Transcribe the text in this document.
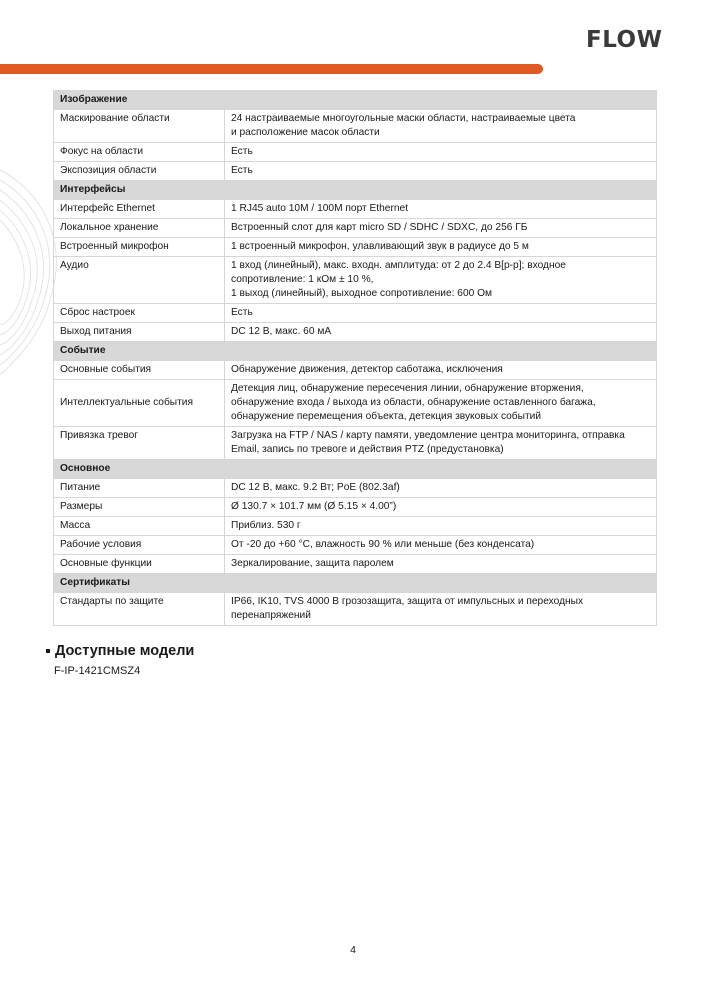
FLOW
Изображение	
Маскирование области	24 настраиваемые многоугольные маски области, настраиваемые цвета
и расположение масок области
Фокус на области	Есть
Экспозиция области	Есть
Интерфейсы	
Интерфейс Ethernet	1 RJ45 auto 10M / 100M порт Ethernet
Локальное хранение	Встроенный слот для карт micro SD / SDHC / SDXC, до 256 ГБ
Встроенный микрофон	1 встроенный микрофон, улавливающий звук в радиусе до 5 м
Аудио	1 вход (линейный), макс. входн. амплитуда: от 2 до 2.4 В[р-р]; входное
сопротивление: 1 кОм ± 10 %,
1 выход (линейный), выходное сопротивление: 600 Ом
Сброс настроек	Есть
Выход питания	DC 12 В, макс. 60 мА
Событие	
Основные события	Обнаружение движения, детектор саботажа, исключения
Интеллектуальные события	Детекция лиц, обнаружение пересечения линии, обнаружение вторжения,
обнаружение входа / выхода из области, обнаружение оставленного багажа,
обнаружение перемещения объекта, детекция звуковых событий
Привязка тревог	Загрузка на FTP / NAS / карту памяти, уведомление центра мониторинга, отправка
Email, запись по тревоге и действия PTZ (предустановка)
Основное	
Питание	DC 12 В, макс. 9.2 Вт; PoE (802.3af)
Размеры	Ø 130.7 × 101.7 мм (Ø 5.15 × 4.00”)
Масса	Приблиз. 530 г
Рабочие условия	От -20 до +60 °C, влажность 90 % или меньше (без конденсата)
Основные функции	Зеркалирование, защита паролем
Сертификаты	
Стандарты по защите	IP66, IK10, TVS 4000 В грозозащита, защита от импульсных и переходных
перенапряжений
Доступные модели
F-IP-1421CMSZ4
4
